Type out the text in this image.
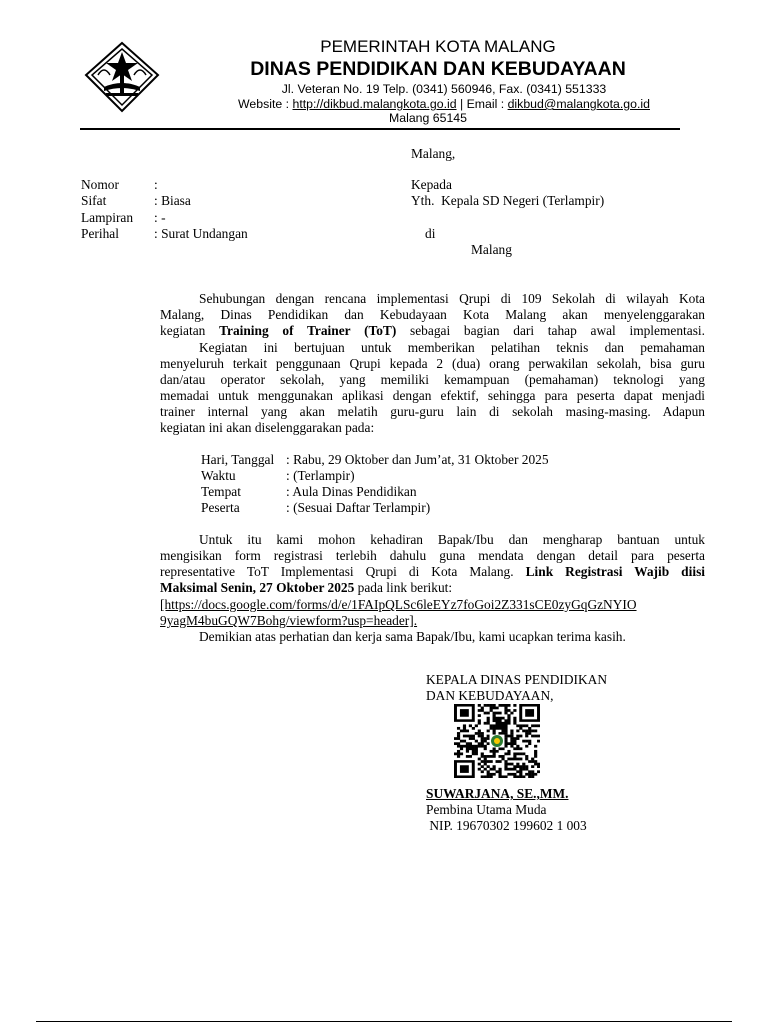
PEMERINTAH KOTA MALANG
DINAS PENDIDIKAN DAN KEBUDAYAAN
Jl. Veteran No. 19 Telp. (0341) 560946, Fax. (0341) 551333
Website : http://dikbud.malangkota.go.id | Email : dikbud@malangkota.go.id
Malang 65145
Malang,
Nomor	:
Sifat	: Biasa
Lampiran : -
Perihal	: Surat Undangan
Kepada
Yth.  Kepala SD Negeri (Terlampir)
di
Malang
Sehubungan dengan rencana implementasi Qrupi di 109 Sekolah di wilayah Kota
Malang, Dinas Pendidikan dan Kebudayaan Kota Malang akan menyelenggarakan
kegiatan Training of Trainer (ToT) sebagai bagian dari tahap awal implementasi.
Kegiatan ini bertujuan untuk memberikan pelatihan teknis dan pemahaman
menyeluruh terkait penggunaan Qrupi kepada 2 (dua) orang perwakilan sekolah, bisa guru
dan/atau operator sekolah, yang memiliki kemampuan (pemahaman) teknologi yang
memadai untuk menggunakan aplikasi dengan efektif, sehingga para peserta dapat menjadi
trainer internal yang akan melatih guru-guru lain di sekolah masing-masing. Adapun
kegiatan ini akan diselenggarakan pada:
Hari, Tanggal : Rabu, 29 Oktober dan Jum’at, 31 Oktober 2025
Waktu	: (Terlampir)
Tempat	: Aula Dinas Pendidikan
Peserta	: (Sesuai Daftar Terlampir)
Untuk itu kami mohon kehadiran Bapak/Ibu dan mengharap bantuan untuk
mengisikan form registrasi terlebih dahulu guna mendata dengan detail para peserta
representative ToT Implementasi Qrupi di Kota Malang. Link Registrasi Wajib diisi
Maksimal Senin, 27 Oktober 2025 pada link berikut:
[https://docs.google.com/forms/d/e/1FAIpQLSc6leEYz7foGoi2Z331sCE0zyGqGzNYIO
9yagM4buGQW7Bohg/viewform?usp=header].
Demikian atas perhatian dan kerja sama Bapak/Ibu, kami ucapkan terima kasih.
KEPALA DINAS PENDIDIKAN
DAN KEBUDAYAAN,
SUWARJANA, SE.,MM.
Pembina Utama Muda
NIP. 19670302 199602 1 003
